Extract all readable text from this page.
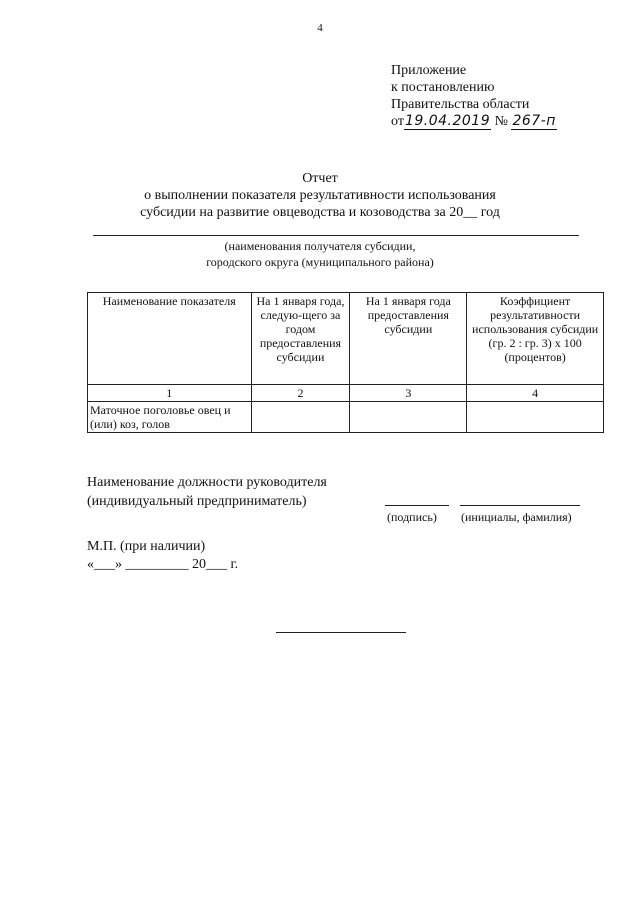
4
Приложение
к постановлению
Правительства области
от19.04.2019 № 267-п
Отчет
о выполнении показателя результативности использования
субсидии на развитие овцеводства и козоводства за 20__ год
(наименования получателя субсидии,
городского округа (муниципального района)
Наименование показателя	На 1 января года, следую-щего за годом предоставления субсидии	На 1 января года предоставления субсидии	Коэффициент результативности использования субсидии (гр. 2 : гр. 3) х 100 (процентов)
1	2	3	4
Маточное поголовье овец и (или) коз, голов			
Наименование должности руководителя
(индивидуальный предприниматель)
(подпись) (инициалы, фамилия)
М.П. (при наличии)
«___» _________ 20___ г.
